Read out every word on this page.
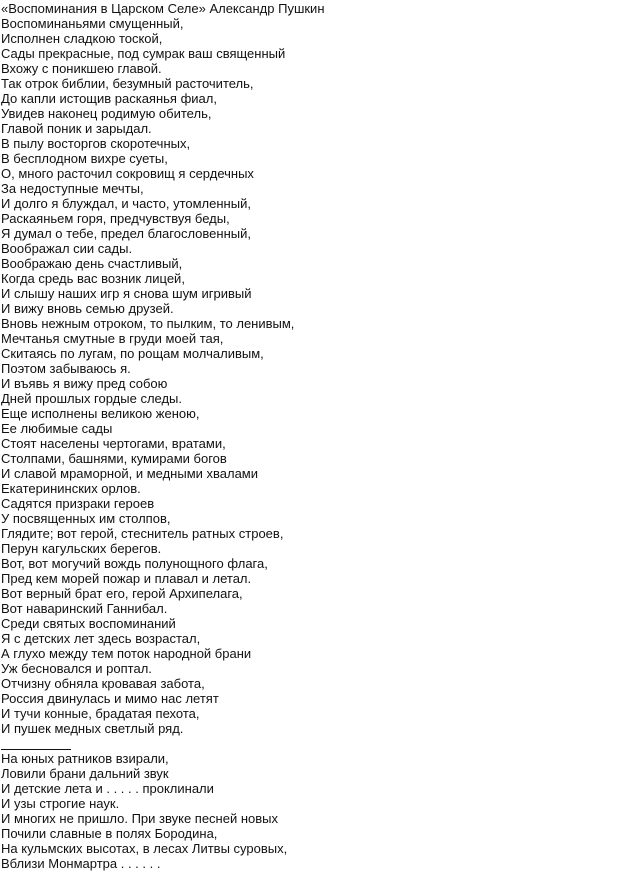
«Воспоминания в Царском Селе» Александр Пушкин
Воспоминаньями смущенный,
Исполнен сладкою тоской,
Сады прекрасные, под сумрак ваш священный
Вхожу с поникшею главой.
Так отрок библии, безумный расточитель,
До капли истощив раскаянья фиал,
Увидев наконец родимую обитель,
Главой поник и зарыдал.
В пылу восторгов скоротечных,
В бесплодном вихре суеты,
О, много расточил сокровищ я сердечных
За недоступные мечты,
И долго я блуждал, и часто, утомленный,
Раскаяньем горя, предчувствуя беды,
Я думал о тебе, предел благословенный,
Воображал сии сады.
Воображаю день счастливый,
Когда средь вас возник лицей,
И слышу наших игр я снова шум игривый
И вижу вновь семью друзей.
Вновь нежным отроком, то пылким, то ленивым,
Мечтанья смутные в груди моей тая,
Скитаясь по лугам, по рощам молчаливым,
Поэтом забываюсь я.
И въявь я вижу пред собою
Дней прошлых гордые следы.
Еще исполнены великою женою,
Ее любимые сады
Стоят населены чертогами, вратами,
Столпами, башнями, кумирами богов
И славой мраморной, и медными хвалами
Екатерининских орлов.
Садятся призраки героев
У посвященных им столпов,
Глядите; вот герой, стеснитель ратных строев,
Перун кагульских берегов.
Вот, вот могучий вождь полунощного флага,
Пред кем морей пожар и плавал и летал.
Вот верный брат его, герой Архипелага,
Вот наваринский Ганнибал.
Среди святых воспоминаний
Я с детских лет здесь возрастал,
А глухо между тем поток народной брани
Уж бесновался и роптал.
Отчизну обняла кровавая забота,
Россия двинулась и мимо нас летят
И тучи конные, брадатая пехота,
И пушек медных светлый ряд.
На юных ратников взирали,
Ловили брани дальний звук
И детские лета и . . . . . проклинали
И узы строгие наук.
И многих не пришло. При звуке песней новых
Почили славные в полях Бородина,
На кульмских высотах, в лесах Литвы суровых,
Вблизи Монмартра . . . . . .
